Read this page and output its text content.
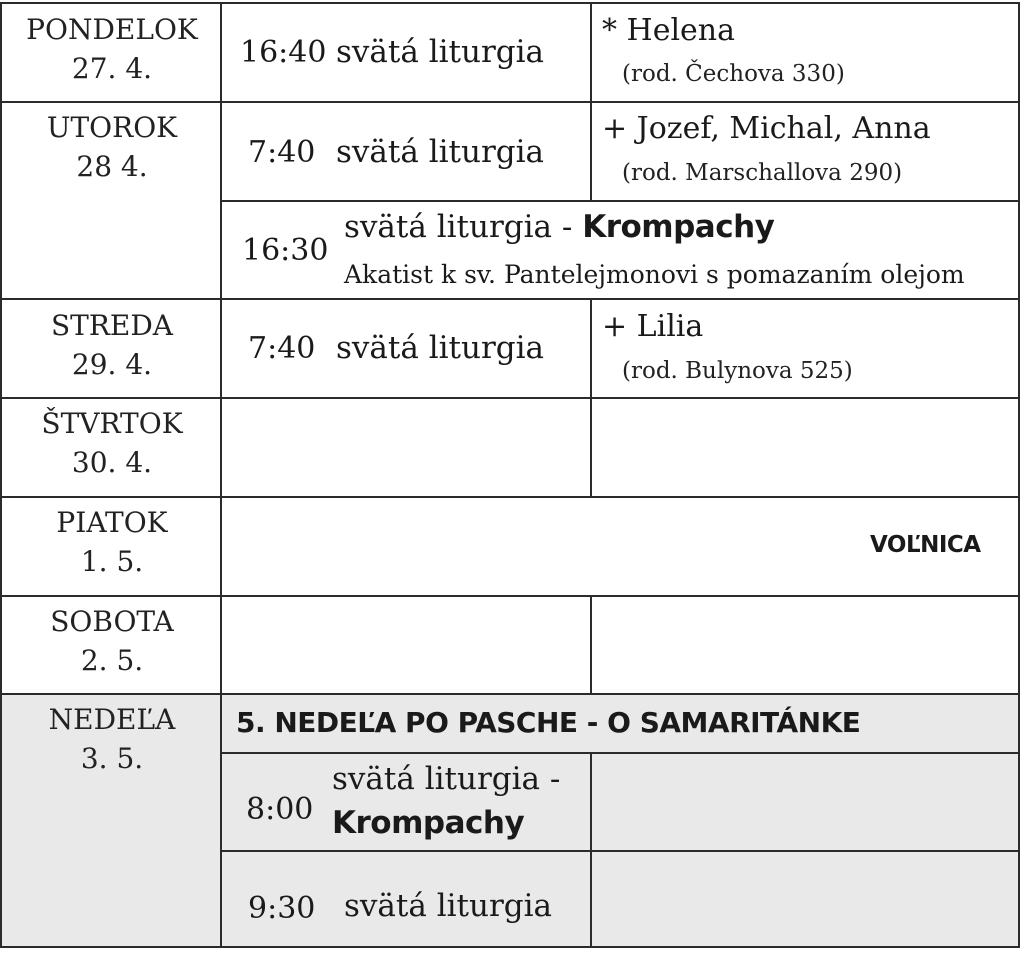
PONDELOK
27. 4.
UTOROK
28 4.
STREDA
29. 4.
ŠTVRTOK
30. 4.
PIATOK
1. 5.
SOBOTA
2. 5.
NEDEĽA
3. 5.
16:40 svätá liturgia
* Helena
(rod. Čechova 330)
7:40 svätá liturgia
+ Jozef, Michal, Anna
(rod. Marschallova 290)
16:30
svätá liturgia - Krompachy
Akatist k sv. Pantelejmonovi s pomazaním olejom
7:40 svätá liturgia
+ Lilia
(rod. Bulynova 525)
VOĽNICA
5. NEDEĽA PO PASCHE - O SAMARITÁNKE
8:00
svätá liturgia -
Krompachy
9:30 svätá liturgia
